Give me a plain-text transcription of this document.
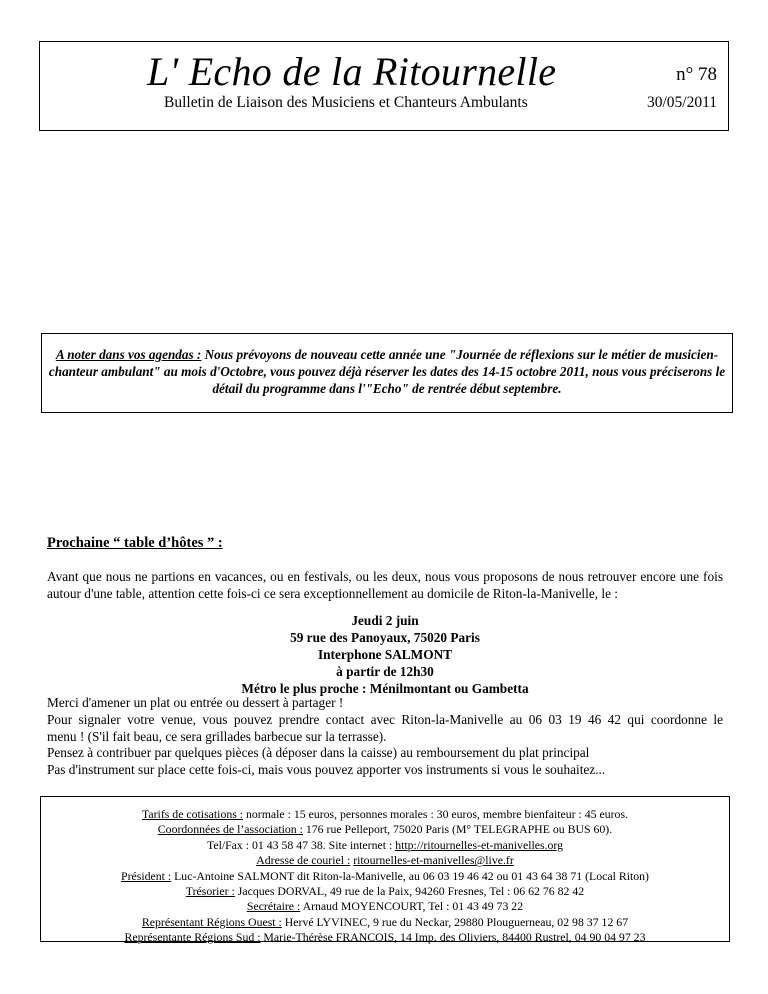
L' Echo de la Ritournelle
Bulletin de Liaison des Musiciens et Chanteurs Ambulants
n° 78
30/05/2011
A noter dans vos agendas : Nous prévoyons de nouveau cette année une "Journée de réflexions sur le métier de musicien-chanteur ambulant" au mois d'Octobre, vous pouvez déjà réserver les dates des 14-15 octobre 2011, nous vous préciserons le détail du programme dans l'"Echo" de rentrée début septembre.
Prochaine “ table d’hôtes ” :
Avant que nous ne partions en vacances, ou en festivals, ou les deux, nous vous proposons de nous retrouver encore une fois autour d'une table, attention cette fois-ci ce sera exceptionnellement au domicile de Riton-la-Manivelle, le :
Jeudi 2 juin
59 rue des Panoyaux, 75020 Paris
Interphone SALMONT
à partir de 12h30
Métro le plus proche : Ménilmontant ou Gambetta
Merci d'amener un plat ou entrée ou dessert à partager !
Pour signaler votre venue, vous pouvez prendre contact avec Riton-la-Manivelle au 06 03 19 46 42 qui coordonne le
menu ! (S'il fait beau, ce sera grillades barbecue sur la terrasse).
Pensez à contribuer par quelques pièces (à déposer dans la caisse) au remboursement du plat principal
Pas d'instrument sur place cette fois-ci, mais vous pouvez apporter vos instruments si vous le souhaitez...
Tarifs de cotisations : normale : 15 euros, personnes morales : 30 euros, membre bienfaiteur : 45 euros.
Coordonnées de l’association : 176 rue Pelleport, 75020 Paris (M° TELEGRAPHE ou BUS 60).
Tel/Fax : 01 43 58 47 38. Site internet : http://ritournelles-et-manivelles.org
Adresse de couriel : ritournelles-et-manivelles@live.fr
Président : Luc-Antoine SALMONT dit Riton-la-Manivelle, au 06 03 19 46 42 ou 01 43 64 38 71 (Local Riton)
Trésorier : Jacques DORVAL, 49 rue de la Paix, 94260 Fresnes, Tel : 06 62 76 82 42
Secrétaire : Arnaud MOYENCOURT, Tel : 01 43 49 73 22
Représentant Régions Ouest : Hervé LYVINEC, 9 rue du Neckar, 29880 Plouguerneau, 02 98 37 12 67
Représentante Régions Sud : Marie-Thérèse FRANCOIS, 14 Imp. des Oliviers, 84400 Rustrel, 04 90 04 97 23
